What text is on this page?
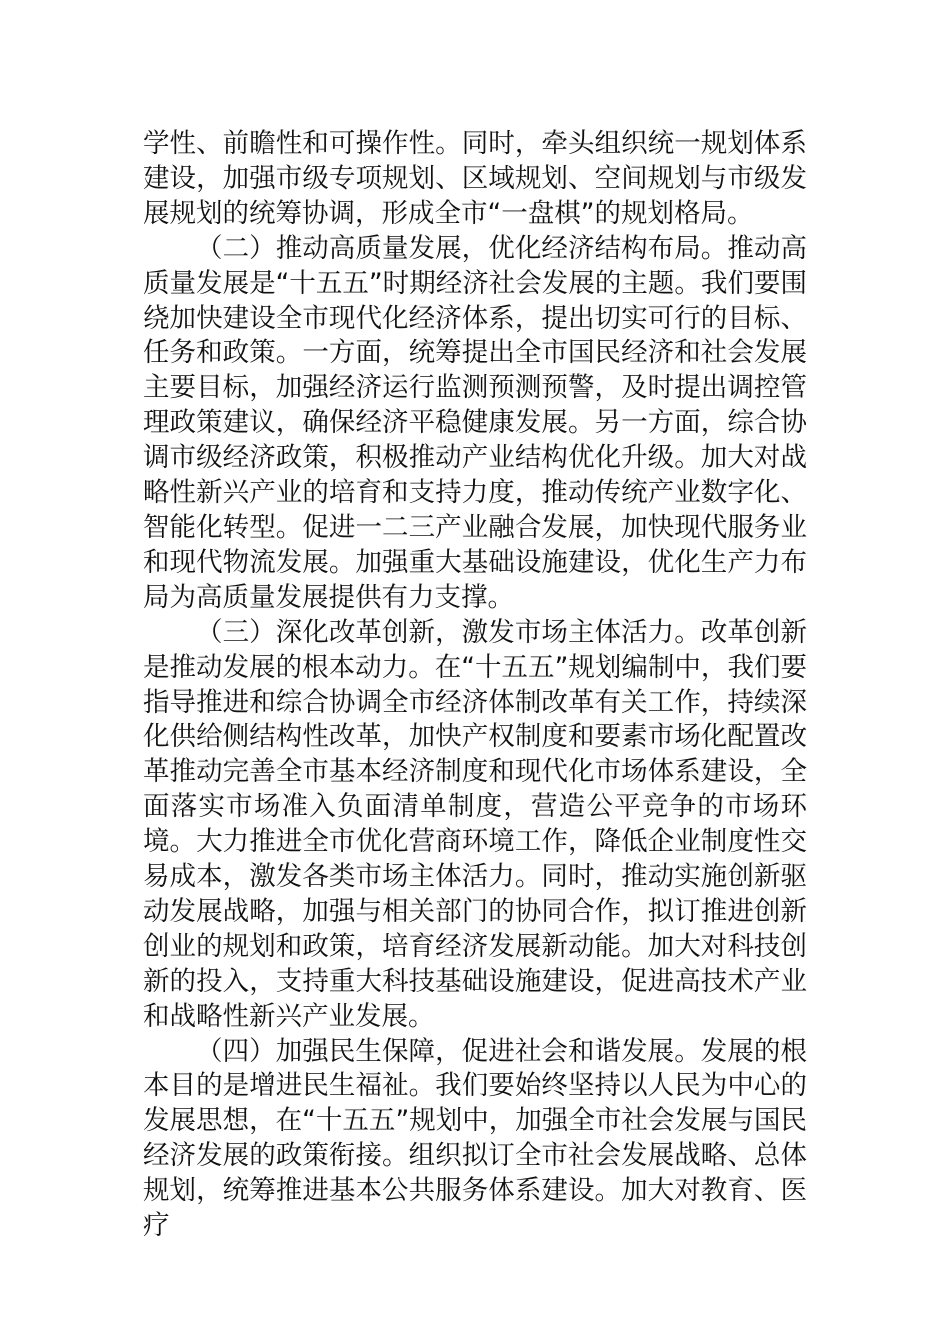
学性、前瞻性和可操作性。同时，牵头组织统一规划体系建设，加强市级专项规划、区域规划、空间规划与市级发展规划的统筹协调，形成全市“一盘棋”的规划格局。

（二）推动高质量发展，优化经济结构布局。推动高质量发展是“十五五”时期经济社会发展的主题。我们要围绕加快建设全市现代化经济体系，提出切实可行的目标、任务和政策。一方面，统筹提出全市国民经济和社会发展主要目标，加强经济运行监测预测预警，及时提出调控管理政策建议，确保经济平稳健康发展。另一方面，综合协调市级经济政策，积极推动产业结构优化升级。加大对战略性新兴产业的培育和支持力度，推动传统产业数字化、智能化转型。促进一二三产业融合发展，加快现代服务业和现代物流发展。加强重大基础设施建设，优化生产力布局为高质量发展提供有力支撑。

（三）深化改革创新，激发市场主体活力。改革创新是推动发展的根本动力。在“十五五”规划编制中，我们要指导推进和综合协调全市经济体制改革有关工作，持续深化供给侧结构性改革，加快产权制度和要素市场化配置改革推动完善全市基本经济制度和现代化市场体系建设，全面落实市场准入负面清单制度，营造公平竞争的市场环境。大力推进全市优化营商环境工作，降低企业制度性交易成本，激发各类市场主体活力。同时，推动实施创新驱动发展战略，加强与相关部门的协同合作，拟订推进创新创业的规划和政策，培育经济发展新动能。加大对科技创新的投入，支持重大科技基础设施建设，促进高技术产业和战略性新兴产业发展。

（四）加强民生保障，促进社会和谐发展。发展的根本目的是增进民生福祉。我们要始终坚持以人民为中心的发展思想，在“十五五”规划中，加强全市社会发展与国民经济发展的政策衔接。组织拟订全市社会发展战略、总体规划，统筹推进基本公共服务体系建设。加大对教育、医疗
